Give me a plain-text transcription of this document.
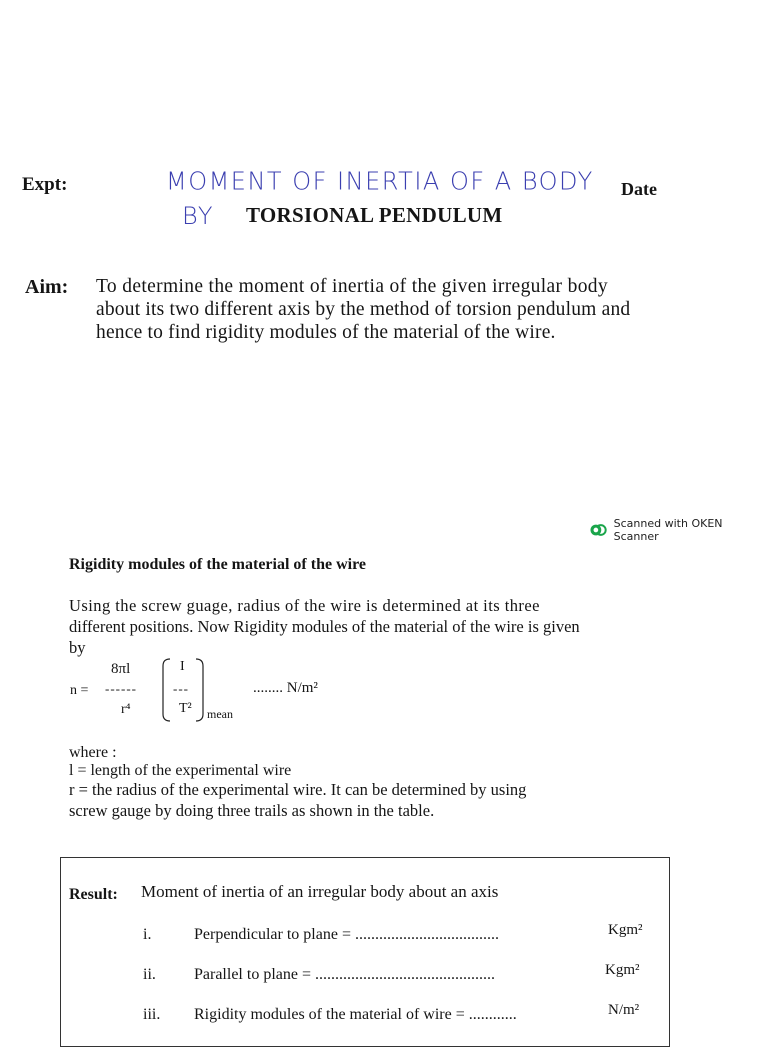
Expt:	MOMENT OF INERTIA OF A BODY
BY
Date
TORSIONAL PENDULUM
Aim: To determine the moment of inertia of the given irregular body

about its two different axis by the method of torsion pendulum and

hence to find rigidity modules of the material of the wire.

Scanned with OKEN Scanner
Rigidity modules of the material of the wire

Using the screw guage, radius of the wire is determined at its three

different positions. Now Rigidity modules of the material of the wire is given

by

n =
8πl
------
r⁴
I
---
T² mean
........ N/m²
where :
l = length of the experimental wire

r = the radius of the experimental wire. It can be determined by using

screw gauge by doing three trails as shown in the table.

Result: Moment of inertia of an irregular body about an axis
i.	Perpendicular to plane = ....................................	Kgm²
ii. Parallel to plane = .............................................	Kgm²
iii. Rigidity modules of the material of wire = ............	N/m²
